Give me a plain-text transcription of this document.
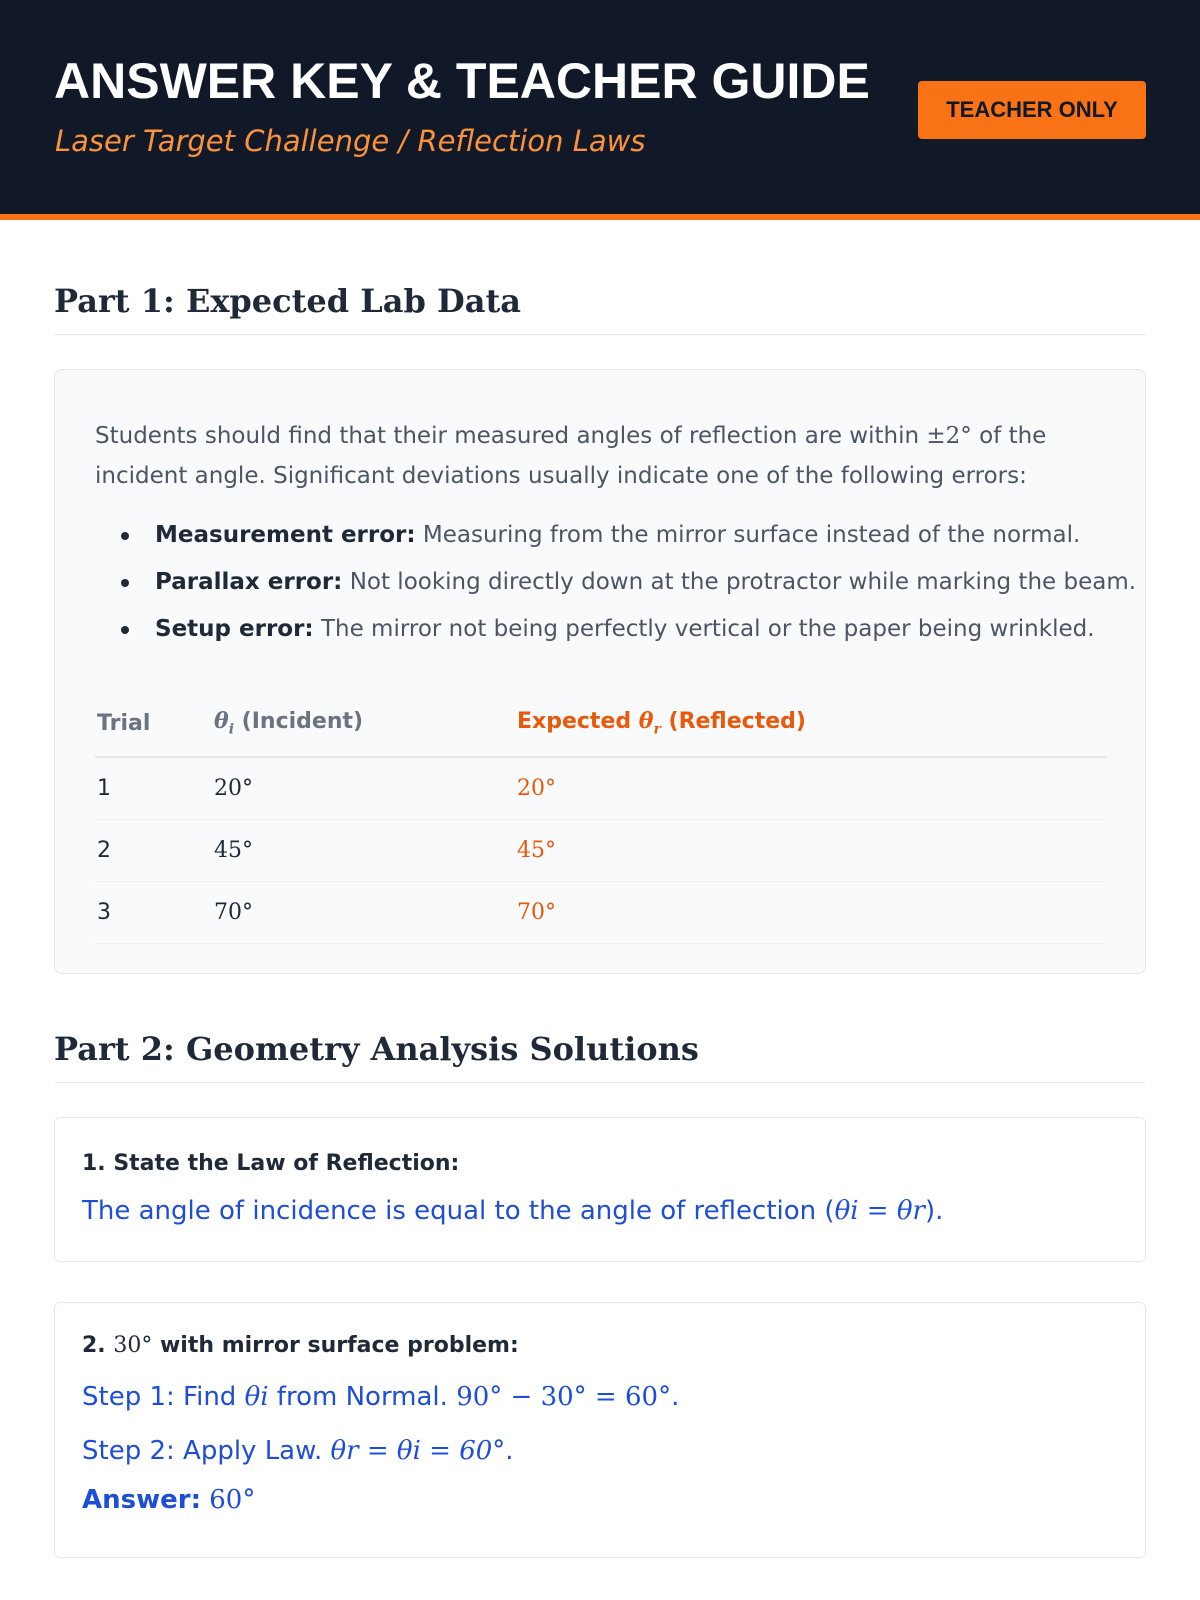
ANSWER KEY & TEACHER GUIDE

Laser Target Challenge / Reflection Laws

TEACHER ONLY
Part 1: Expected Lab Data

Students should find that their measured angles of reflection are within ±2° of the incident angle. Significant deviations usually indicate one of the following errors:

Measurement error: Measuring from the mirror surface instead of the normal.
Parallax error: Not looking directly down at the protractor while marking the beam.
Setup error: The mirror not being perfectly vertical or the paper being wrinkled.
Trial	$\theta_i$ (Incident)	Expected $\theta_r$ (Reflected)
1	20°	20°
2	45°	45°
3	70°	70°
Part 2: Geometry Analysis Solutions

1. State the Law of Reflection:

The angle of incidence is equal to the angle of reflection (θi = θr).

2. 30° with mirror surface problem:

Step 1: Find θi from Normal. 90° − 30° = 60°.

Step 2: Apply Law. θr = θi = 60°.

Answer: 60°
